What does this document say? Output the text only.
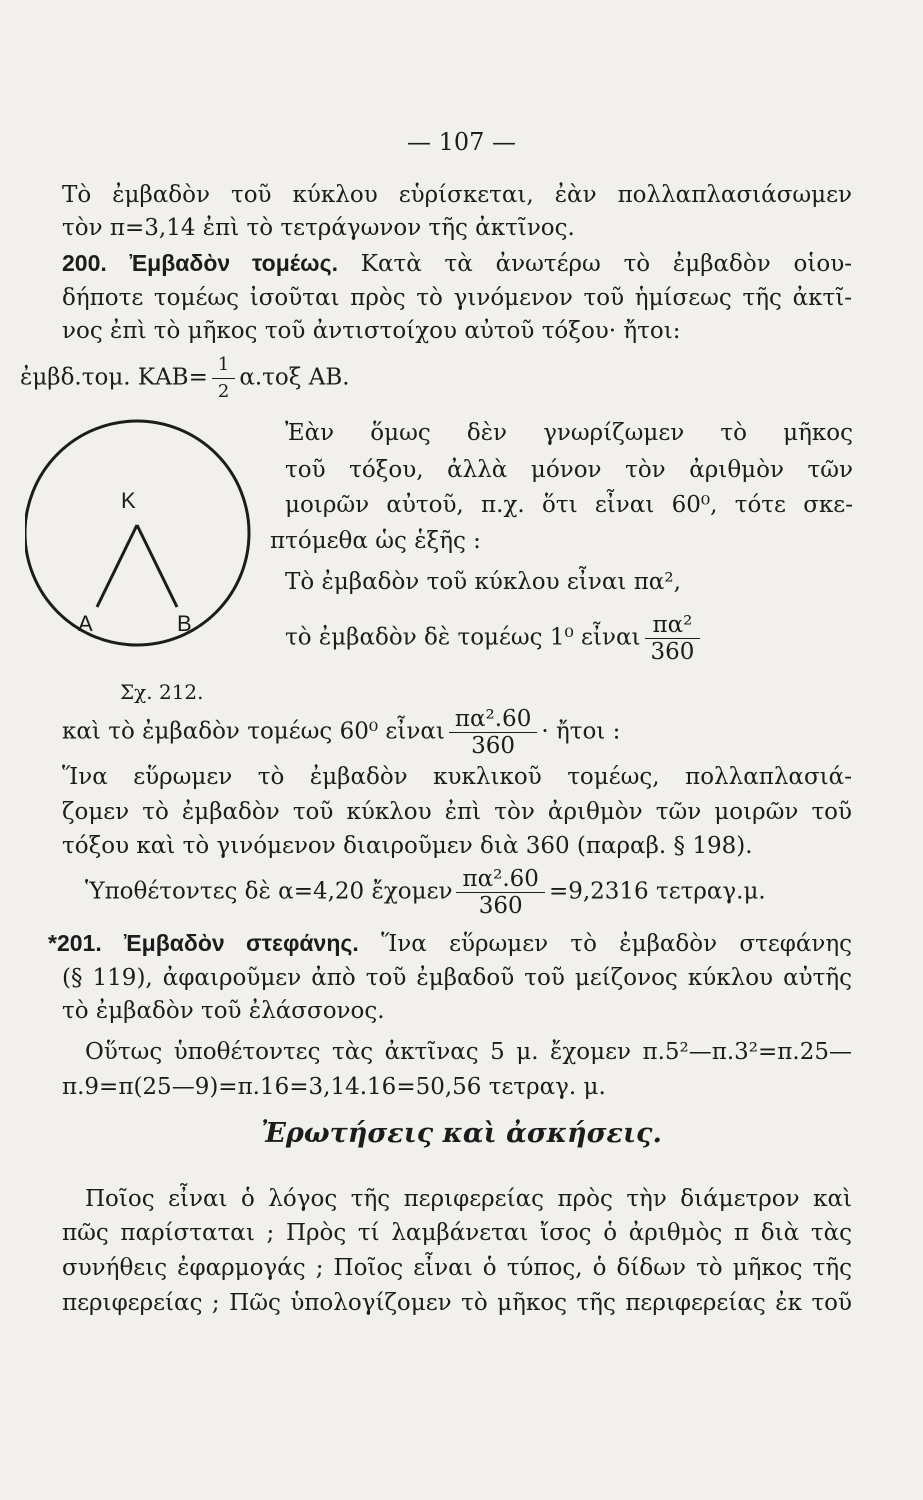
— 107 —
Τὸ ἐμβαδὸν τοῦ κύκλου εὑρίσκεται, ἐὰν πολλαπλασιάσωμεν
τὸν π=3,14 ἐπὶ τὸ τετράγωνον τῆς ἀκτῖνος.
200. Ἐμβαδὸν τομέως. Κατὰ τὰ ἀνωτέρω τὸ ἐμβαδὸν οἱου-
δήποτε τομέως ἰσοῦται πρὸς τὸ γινόμενον τοῦ ἡμίσεως τῆς ἀκτῖ-
νος ἐπὶ τὸ μῆκος τοῦ ἀντιστοίχου αὐτοῦ τόξου· ἤτοι:
ἐμβδ.τομ. $KAB= \frac{1}{2} \alpha.\tau o\xi$ ΑΒ.
Κ
Α	Β
Σχ. 212.
Ἐὰν ὅμως δὲν γνωρίζωμεν τὸ μῆκος
τοῦ τόξου, ἀλλὰ μόνον τὸν ἀριθμὸν τῶν
μοιρῶν αὐτοῦ, π.χ. ὅτι εἶναι 60⁰, τότε σκε-
πτόμεθα ὡς ἑξῆς :
Τὸ ἐμβαδὸν τοῦ κύκλου εἶναι πα²,
τὸ ἐμβαδὸν δὲ τομέως 1⁰ εἶναι $\frac{\text{πα²}}{360}$
καὶ τὸ ἐμβαδὸν τομέως 60⁰ εἶναι $\frac{\text{πα².60}}{360}$ · ἤτοι :
Ἵνα εὕρωμεν τὸ ἐμβαδὸν κυκλικοῦ τομέως, πολλαπλασιά-
ζομεν τὸ ἐμβαδὸν τοῦ κύκλου ἐπὶ τὸν ἀριθμὸν τῶν μοιρῶν τοῦ
τόξου καὶ τὸ γινόμενον διαιροῦμεν διὰ 360 (παραβ. § 198).
Ὑποθέτοντες δὲ α=4,20 ἔχομεν $\frac{\text{πα².60}}{360} =9,2316$ τετραγ.μ.
*201. Ἐμβαδὸν στεφάνης. Ἵνα εὕρωμεν τὸ ἐμβαδὸν στεφάνης
(§ 119), ἀφαιροῦμεν ἀπὸ τοῦ ἐμβαδοῦ τοῦ μείζονος κύκλου αὐτῆς
τὸ ἐμβαδὸν τοῦ ἐλάσσονος.
Οὕτως ὑποθέτοντες τὰς ἀκτῖνας 5 μ. ἔχομεν π.5²—π.3²=π.25—
π.9=π(25—9)=π.16=3,14.16=50,56 τετραγ. μ.
Ἐρωτήσεις καὶ ἀσκήσεις.
Ποῖος εἶναι ὁ λόγος τῆς περιφερείας πρὸς τὴν διάμετρον καὶ
πῶς παρίσταται ; Πρὸς τί λαμβάνεται ἴσος ὁ ἀριθμὸς π διὰ τὰς
συνήθεις ἐφαρμογάς ; Ποῖος εἶναι ὁ τύπος, ὁ δίδων τὸ μῆκος τῆς
περιφερείας ; Πῶς ὑπολογίζομεν τὸ μῆκος τῆς περιφερείας ἐκ τοῦ
